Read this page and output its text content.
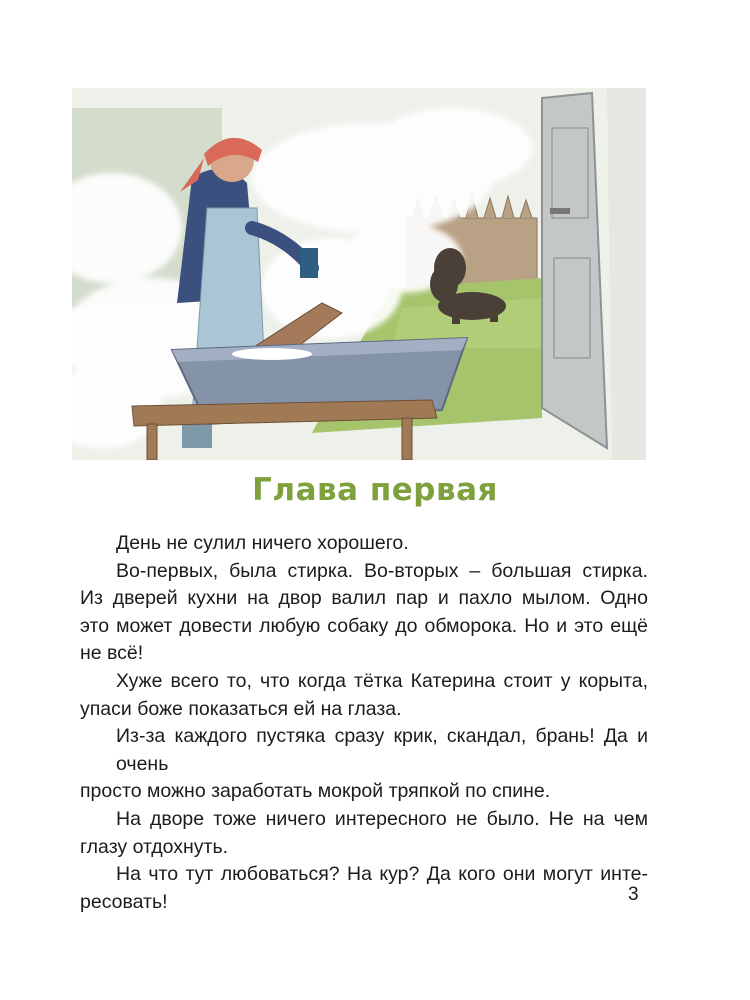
Глава первая

День не сулил ничего хорошего.

Во-первых, была стирка. Во-вторых – большая стирка.
Из дверей кухни на двор валил пар и пахло мылом. Одно
это может довести любую собаку до обморока. Но и это ещё
не всё!

Хуже всего то, что когда тётка Катерина стоит у корыта,
упаси боже показаться ей на глаза.

Из-за каждого пустяка сразу крик, скандал, брань! Да и очень
просто можно заработать мокрой тряпкой по спине.

На дворе тоже ничего интересного не было. Не на чем
глазу отдохнуть.

На что тут любоваться? На кур? Да кого они могут инте-
ресовать!	3
